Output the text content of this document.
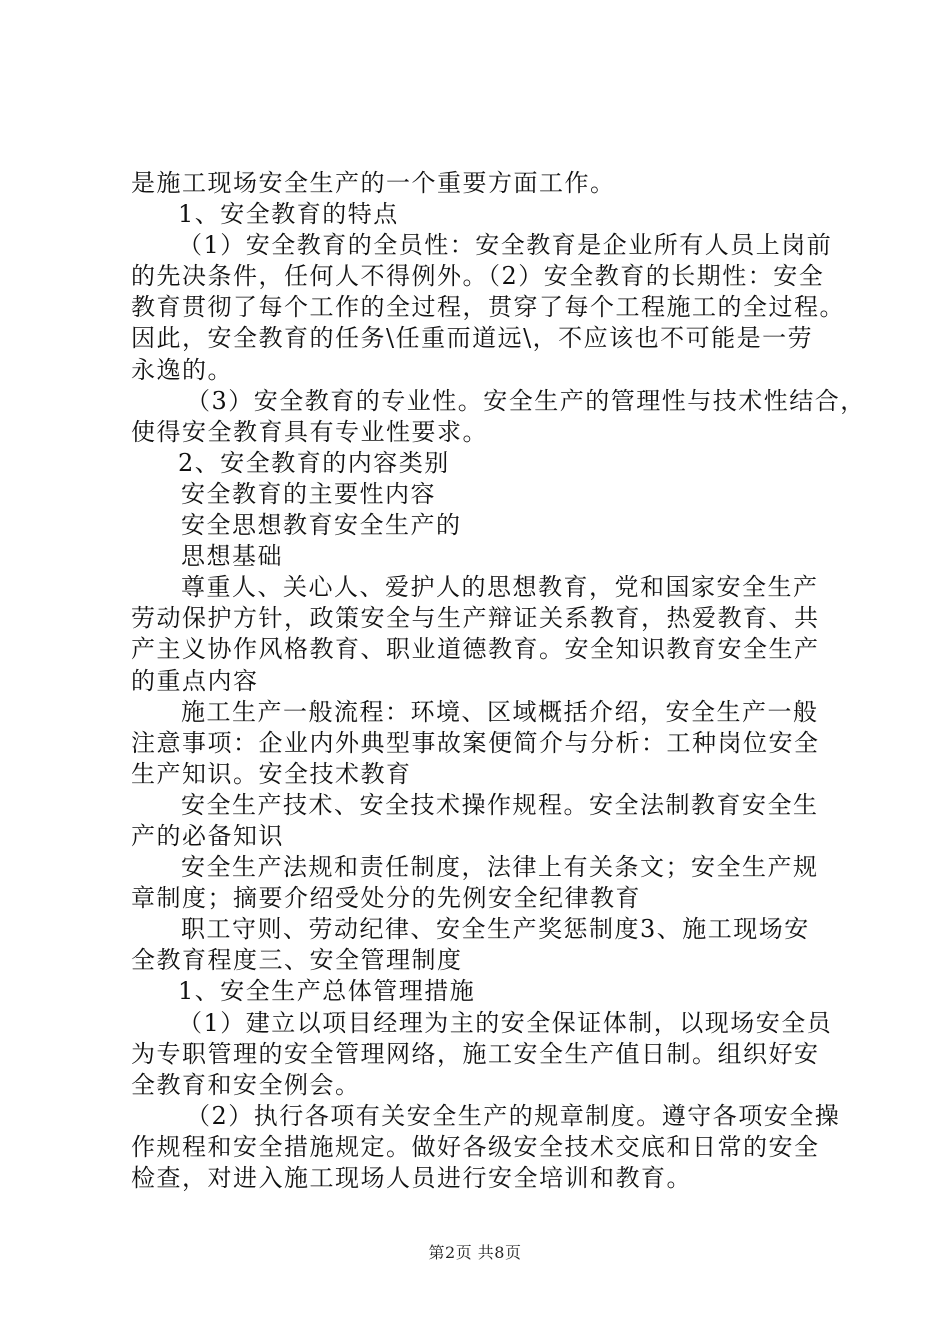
是施工现场安全生产的一个重要方面工作。
1、安全教育的特点
（1）安全教育的全员性：安全教育是企业所有人员上岗前
的先决条件，任何人不得例外。（2）安全教育的长期性：安全
教育贯彻了每个工作的全过程，贯穿了每个工程施工的全过程。
因此，安全教育的任务\任重而道远\，不应该也不可能是一劳
永逸的。
（3）安全教育的专业性。安全生产的管理性与技术性结合，
使得安全教育具有专业性要求。
2、安全教育的内容类别
安全教育的主要性内容
安全思想教育安全生产的
思想基础
尊重人、关心人、爱护人的思想教育，党和国家安全生产
劳动保护方针，政策安全与生产辩证关系教育，热爱教育、共
产主义协作风格教育、职业道德教育。安全知识教育安全生产
的重点内容
施工生产一般流程：环境、区域概括介绍，安全生产一般
注意事项：企业内外典型事故案便简介与分析：工种岗位安全
生产知识。安全技术教育
安全生产技术、安全技术操作规程。安全法制教育安全生
产的必备知识
安全生产法规和责任制度，法律上有关条文；安全生产规
章制度；摘要介绍受处分的先例安全纪律教育
职工守则、劳动纪律、安全生产奖惩制度3、施工现场安
全教育程度三、安全管理制度
1、安全生产总体管理措施
（1）建立以项目经理为主的安全保证体制，以现场安全员
为专职管理的安全管理网络，施工安全生产值日制。组织好安
全教育和安全例会。
（2）执行各项有关安全生产的规章制度。遵守各项安全操
作规程和安全措施规定。做好各级安全技术交底和日常的安全
检查，对进入施工现场人员进行安全培训和教育。
第2页 共8页
